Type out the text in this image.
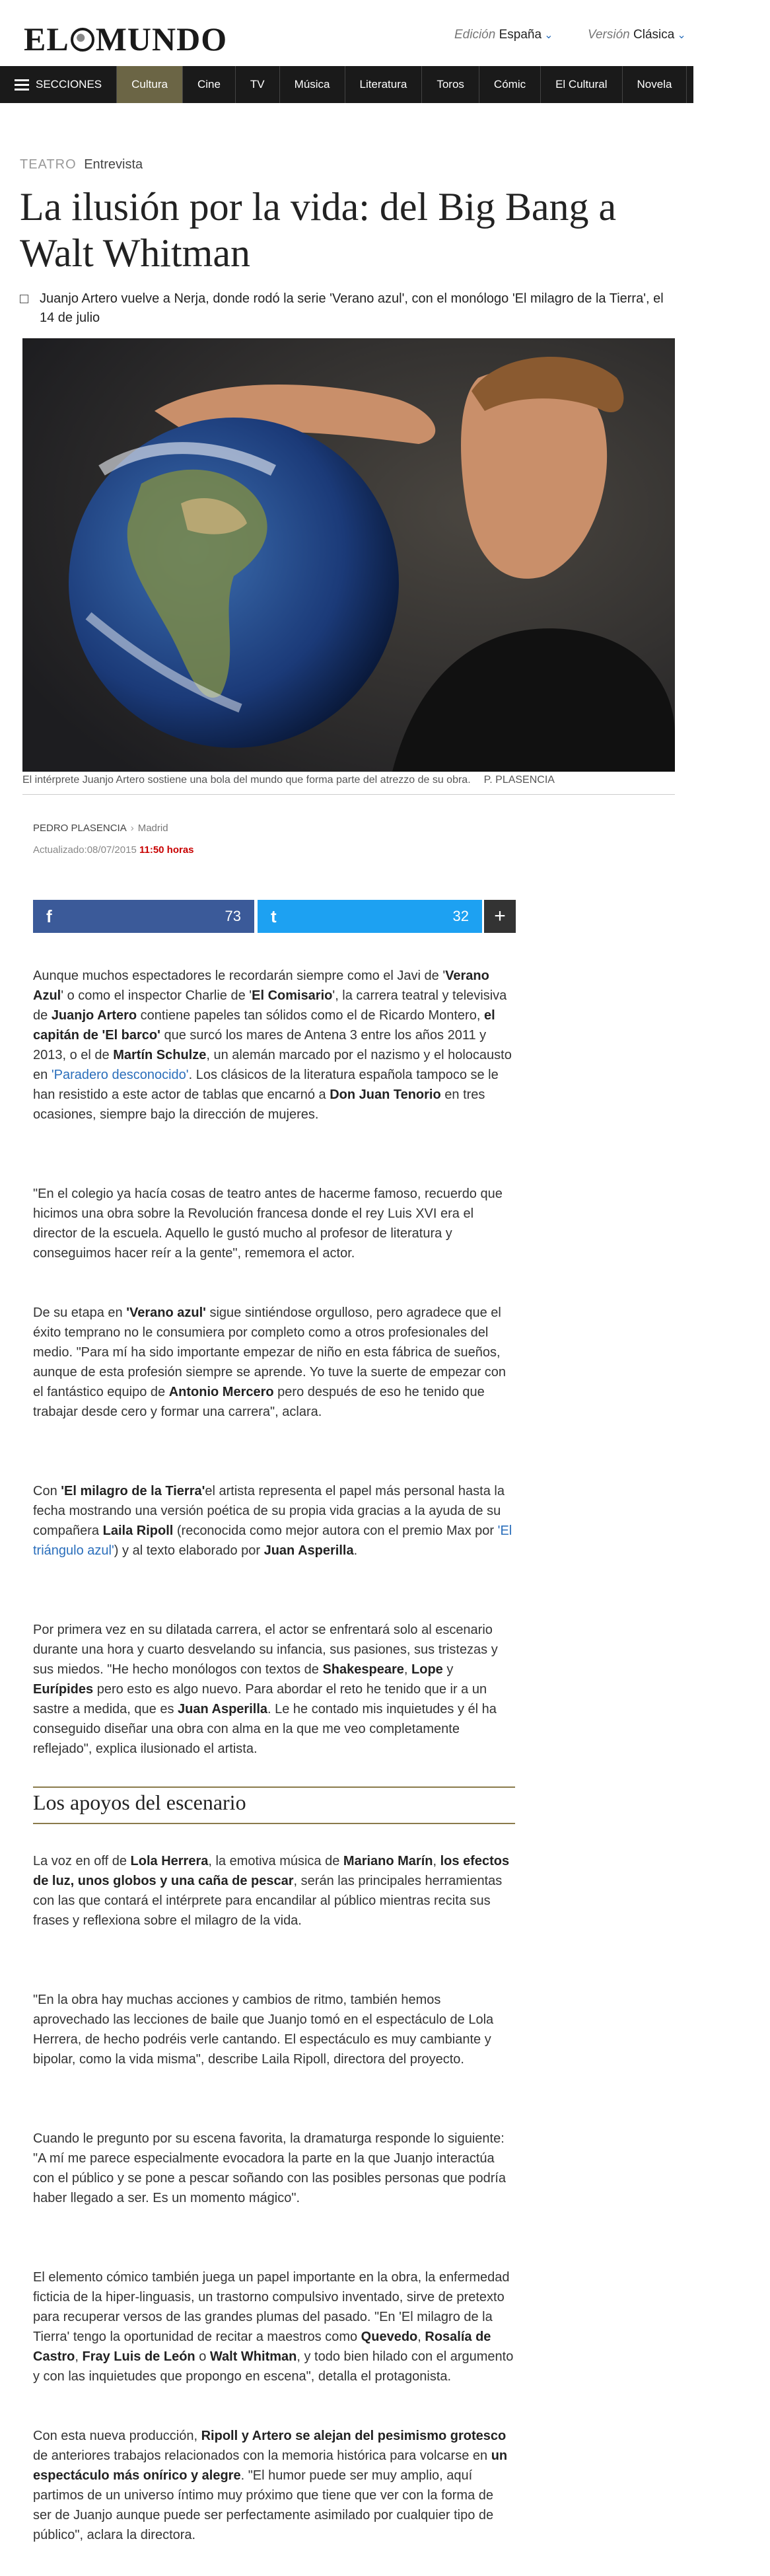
EL MUNDO	Edición España ⌄	Versión Clásica ⌄
SECCIONES	Cultura	Cine	TV	Música	Literatura	Toros	Cómic	El Cultural	Novela
TEATRO Entrevista
La ilusión por la vida: del Big Bang a Walt Whitman
Juanjo Artero vuelve a Nerja, donde rodó la serie 'Verano azul', con el monólogo 'El milagro de la Tierra', el 14 de julio
El intérprete Juanjo Artero sostiene una bola del mundo que forma parte del atrezzo de su obra. P. PLASENCIA
PEDRO PLASENCIA › Madrid
Actualizado:08/07/2015 11:50 horas
f	73 t	32 +

Aunque muchos espectadores le recordarán siempre como el Javi de 'Verano Azul' o como el inspector Charlie de 'El Comisario', la carrera teatral y televisiva de Juanjo Artero contiene papeles tan sólidos como el de Ricardo Montero, el capitán de 'El barco' que surcó los mares de Antena 3 entre los años 2011 y 2013, o el de Martín Schulze, un alemán marcado por el nazismo y el holocausto en 'Paradero desconocido'. Los clásicos de la literatura española tampoco se le han resistido a este actor de tablas que encarnó a Don Juan Tenorio en tres ocasiones, siempre bajo la dirección de mujeres.

"En el colegio ya hacía cosas de teatro antes de hacerme famoso, recuerdo que hicimos una obra sobre la Revolución francesa donde el rey Luis XVI era el director de la escuela. Aquello le gustó mucho al profesor de literatura y conseguimos hacer reír a la gente", rememora el actor.

De su etapa en 'Verano azul' sigue sintiéndose orgulloso, pero agradece que el éxito temprano no le consumiera por completo como a otros profesionales del medio. "Para mí ha sido importante empezar de niño en esta fábrica de sueños, aunque de esta profesión siempre se aprende. Yo tuve la suerte de empezar con el fantástico equipo de Antonio Mercero pero después de eso he tenido que trabajar desde cero y formar una carrera", aclara.

Con 'El milagro de la Tierra'el artista representa el papel más personal hasta la fecha mostrando una versión poética de su propia vida gracias a la ayuda de su compañera Laila Ripoll (reconocida como mejor autora con el premio Max por 'El triángulo azul') y al texto elaborado por Juan Asperilla.

Por primera vez en su dilatada carrera, el actor se enfrentará solo al escenario durante una hora y cuarto desvelando su infancia, sus pasiones, sus tristezas y sus miedos. "He hecho monólogos con textos de Shakespeare, Lope y Eurípides pero esto es algo nuevo. Para abordar el reto he tenido que ir a un sastre a medida, que es Juan Asperilla. Le he contado mis inquietudes y él ha conseguido diseñar una obra con alma en la que me veo completamente reflejado", explica ilusionado el artista.

Los apoyos del escenario

La voz en off de Lola Herrera, la emotiva música de Mariano Marín, los efectos de luz, unos globos y una caña de pescar, serán las principales herramientas con las que contará el intérprete para encandilar al público mientras recita sus frases y reflexiona sobre el milagro de la vida.

"En la obra hay muchas acciones y cambios de ritmo, también hemos aprovechado las lecciones de baile que Juanjo tomó en el espectáculo de Lola Herrera, de hecho podréis verle cantando. El espectáculo es muy cambiante y bipolar, como la vida misma", describe Laila Ripoll, directora del proyecto.

Cuando le pregunto por su escena favorita, la dramaturga responde lo siguiente: "A mí me parece especialmente evocadora la parte en la que Juanjo interactúa con el público y se pone a pescar soñando con las posibles personas que podría haber llegado a ser. Es un momento mágico".

El elemento cómico también juega un papel importante en la obra, la enfermedad ficticia de la hiper-linguasis, un trastorno compulsivo inventado, sirve de pretexto para recuperar versos de las grandes plumas del pasado. "En 'El milagro de la Tierra' tengo la oportunidad de recitar a maestros como Quevedo, Rosalía de Castro, Fray Luis de León o Walt Whitman, y todo bien hilado con el argumento y con las inquietudes que propongo en escena", detalla el protagonista.

Con esta nueva producción, Ripoll y Artero se alejan del pesimismo grotesco de anteriores trabajos relacionados con la memoria histórica para volcarse en un espectáculo más onírico y alegre. "El humor puede ser muy amplio, aquí partimos de un universo íntimo muy próximo que tiene que ver con la forma de ser de Juanjo aunque puede ser perfectamente asimilado por cualquier tipo de público", aclara la directora.
